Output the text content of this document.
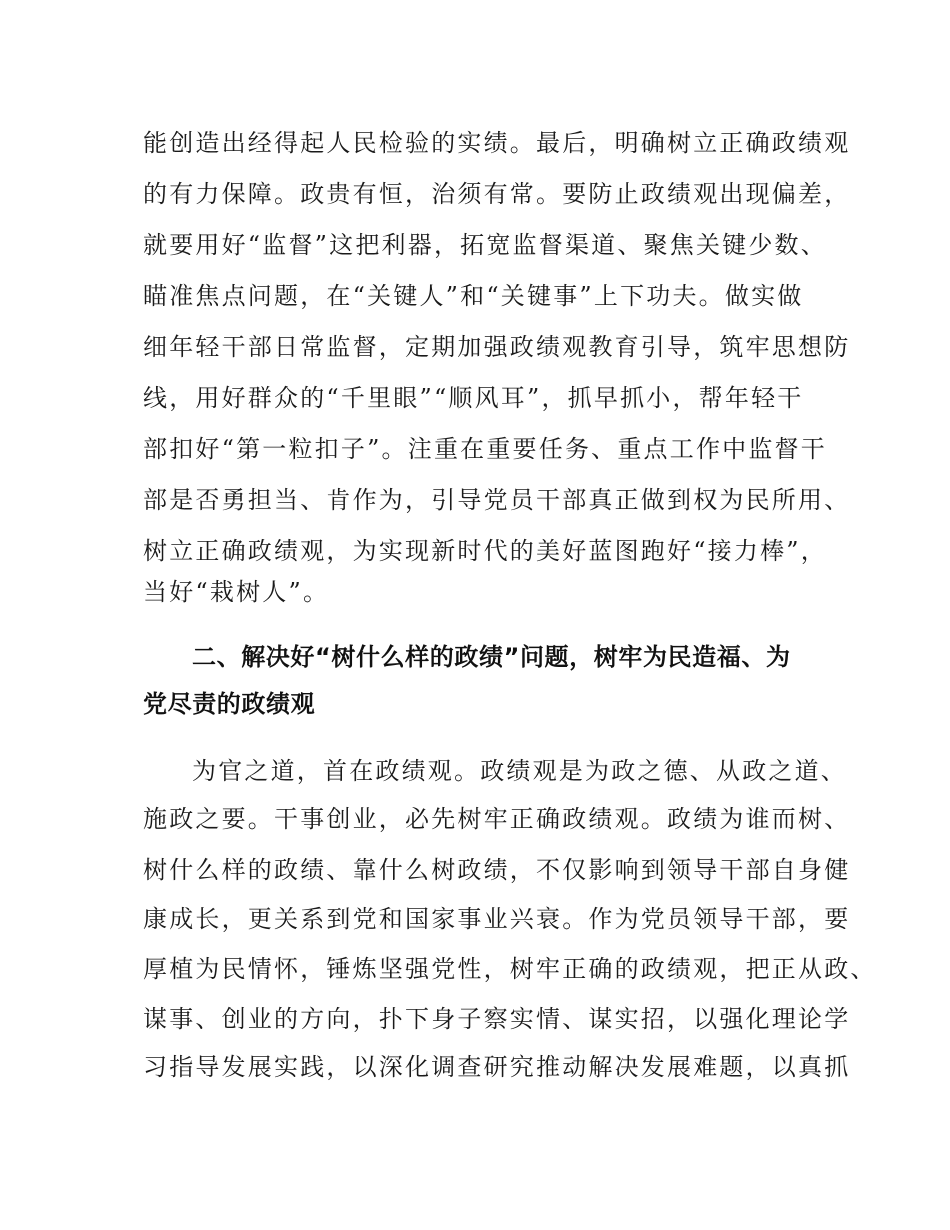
能创造出经得起人民检验的实绩。最后，明确树立正确政绩观
的有力保障。政贵有恒，治须有常。要防止政绩观出现偏差，
就要用好“监督”这把利器，拓宽监督渠道、聚焦关键少数、
瞄准焦点问题，在“关键人”和“关键事”上下功夫。做实做
细年轻干部日常监督，定期加强政绩观教育引导，筑牢思想防
线，用好群众的“千里眼”“顺风耳”，抓早抓小，帮年轻干
部扣好“第一粒扣子”。注重在重要任务、重点工作中监督干
部是否勇担当、肯作为，引导党员干部真正做到权为民所用、
树立正确政绩观，为实现新时代的美好蓝图跑好“接力棒”，
当好“栽树人”。
二、解决好“树什么样的政绩”问题，树牢为民造福、为
党尽责的政绩观
为官之道，首在政绩观。政绩观是为政之德、从政之道、
施政之要。干事创业，必先树牢正确政绩观。政绩为谁而树、
树什么样的政绩、靠什么树政绩，不仅影响到领导干部自身健
康成长，更关系到党和国家事业兴衰。作为党员领导干部，要
厚植为民情怀，锤炼坚强党性，树牢正确的政绩观，把正从政、
谋事、创业的方向，扑下身子察实情、谋实招，以强化理论学
习指导发展实践，以深化调查研究推动解决发展难题，以真抓
